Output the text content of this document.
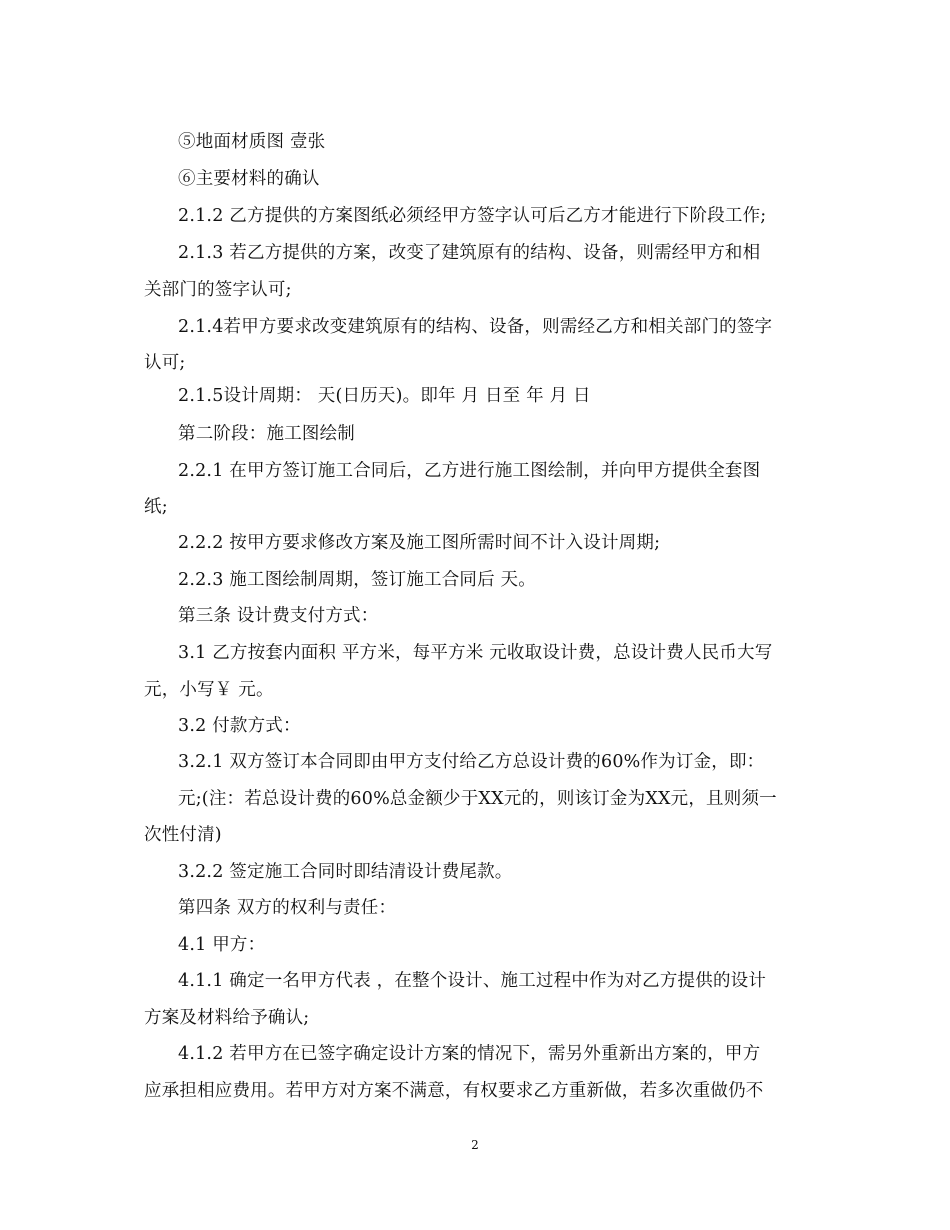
⑤地面材质图 壹张
⑥主要材料的确认
2.1.2 乙方提供的方案图纸必须经甲方签字认可后乙方才能进行下阶段工作;
2.1.3 若乙方提供的方案，改变了建筑原有的结构、设备，则需经甲方和相
关部门的签字认可;
2.1.4若甲方要求改变建筑原有的结构、设备，则需经乙方和相关部门的签字
认可;
2.1.5设计周期： 天(日历天)。即年 月 日至 年 月 日
第二阶段：施工图绘制
2.2.1 在甲方签订施工合同后，乙方进行施工图绘制，并向甲方提供全套图
纸;
2.2.2 按甲方要求修改方案及施工图所需时间不计入设计周期;
2.2.3 施工图绘制周期，签订施工合同后 天。
第三条 设计费支付方式：
3.1 乙方按套内面积 平方米，每平方米 元收取设计费，总设计费人民币大写
元，小写￥ 元。
3.2 付款方式：
3.2.1 双方签订本合同即由甲方支付给乙方总设计费的60%作为订金，即：
元;(注：若总设计费的60%总金额少于XX元的，则该订金为XX元，且则须一
次性付清)
3.2.2 签定施工合同时即结清设计费尾款。
第四条 双方的权利与责任：
4.1 甲方：
4.1.1 确定一名甲方代表 ，在整个设计、施工过程中作为对乙方提供的设计
方案及材料给予确认;
4.1.2 若甲方在已签字确定设计方案的情况下，需另外重新出方案的，甲方
应承担相应费用。若甲方对方案不满意，有权要求乙方重新做，若多次重做仍不
2
